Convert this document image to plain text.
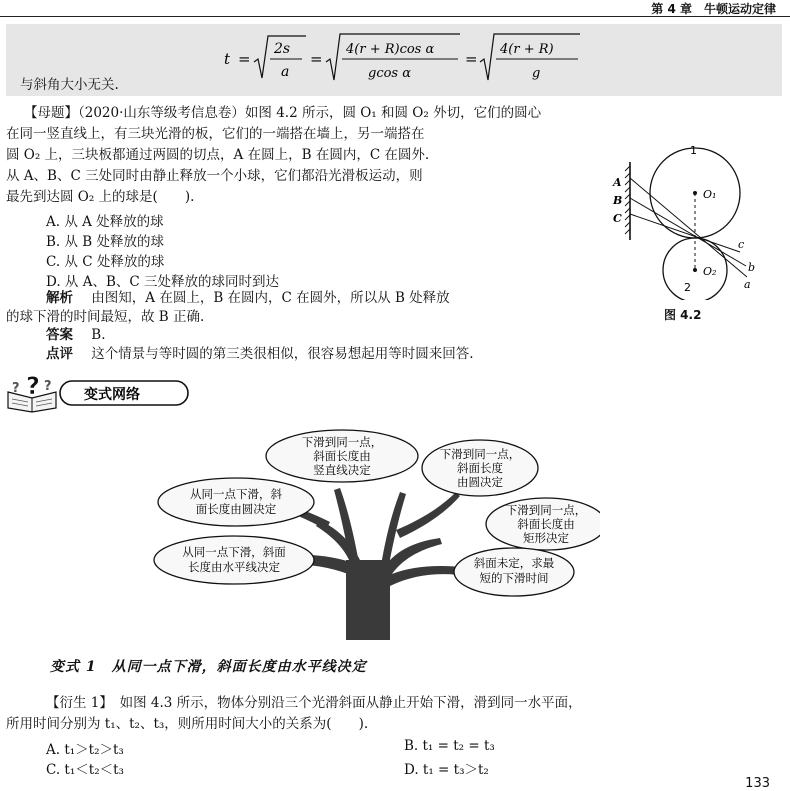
第 4 章　牛顿运动定律
t =
2s
a
=
4(r + R)cos α
gcos α
=
4(r + R)
g
与斜角大小无关.
【母题】（2020·山东等级考信息卷）如图 4.2 所示，圆 O₁ 和圆 O₂ 外切，它们的圆心
在同一竖直线上，有三块光滑的板，它们的一端搭在墙上，另一端搭在
圆 O₂ 上，三块板都通过两圆的切点，A 在圆上，B 在圆内，C 在圆外.
从 A、B、C 三处同时由静止释放一个小球，它们都沿光滑板运动，则
最先到达圆 O₂ 上的球是(　　).
A. 从 A 处释放的球
B. 从 B 处释放的球
C. 从 C 处释放的球
D. 从 A、B、C 三处释放的球同时到达
解析 由图知，A 在圆上，B 在圆内，C 在圆外，所以从 B 处释放
的球下滑的时间最短，故 B 正确.
答案 B.
点评 这个情景与等时圆的第三类很相似，很容易想起用等时圆来回答.
A
B
C
O₁
O₂
1
2	a
b
c
图 4.2
?
? ?
变式网络
下滑到同一点，
斜面长度由
竖直线决定
下滑到同一点，
斜面长度
由圆决定
从同一点下滑，斜
面长度由圆决定	下滑到同一点，
斜面长度由
矩形决定
从同一点下滑，斜面
长度由水平线决定	斜面未定，求最
短的下滑时间
变式 1　从同一点下滑，斜面长度由水平线决定
【衍生 1】　如图 4.3 所示，物体分别沿三个光滑斜面从静止开始下滑，滑到同一水平面，
所用时间分别为 t₁、t₂、t₃，则所用时间大小的关系为(　　).
A. t₁＞t₂＞t₃	B. t₁ = t₂ = t₃
C. t₁＜t₂＜t₃	D. t₁ = t₃＞t₂
133
